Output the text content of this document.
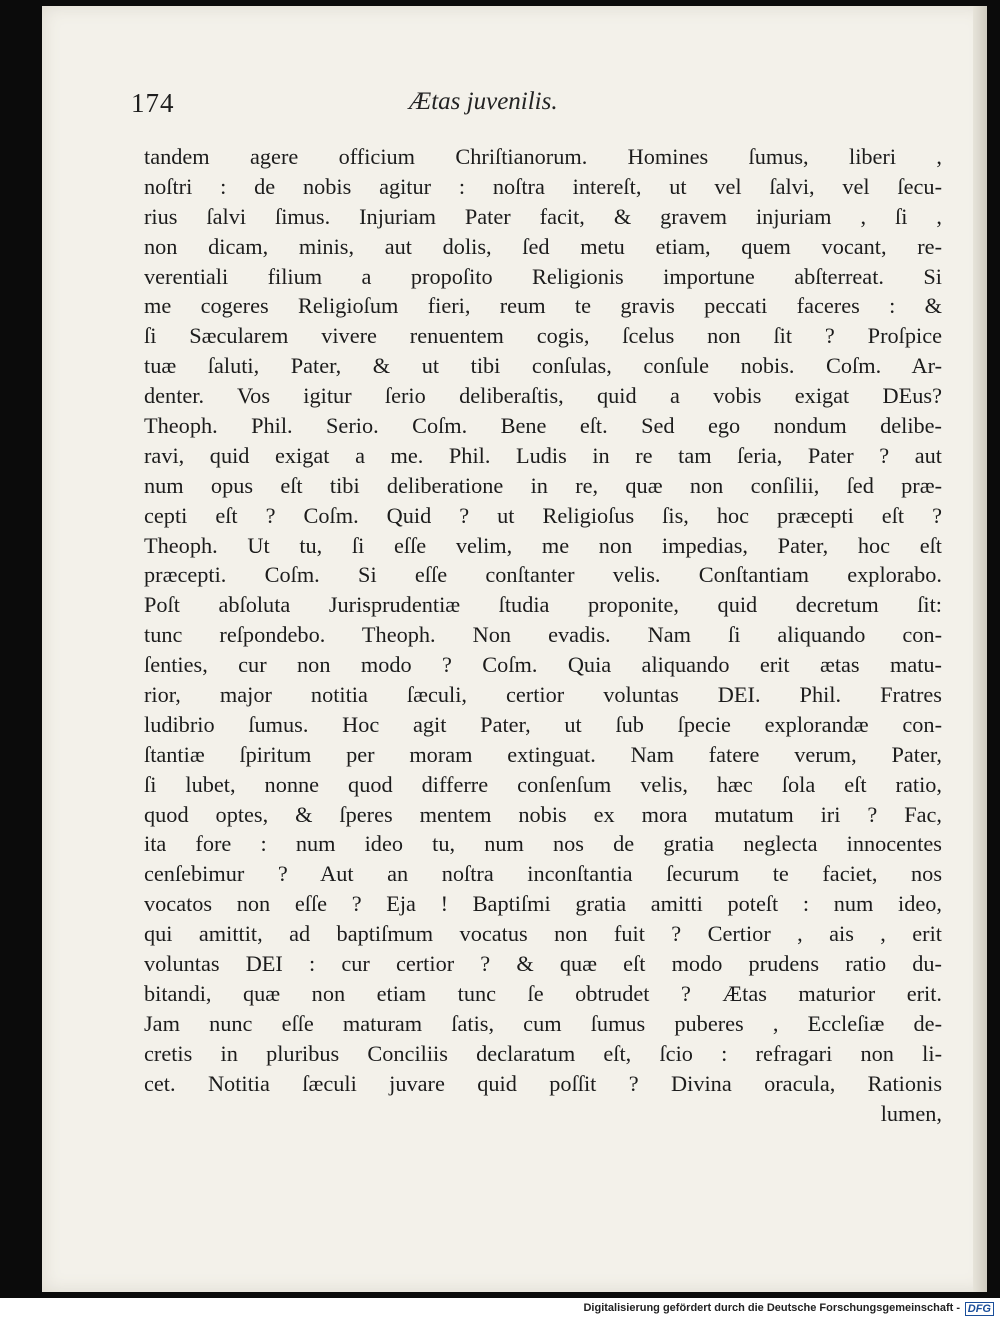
174	Ætas juvenilis.
tandem agere officium Chriſtianorum. Homines ſumus, liberi ,
noſtri : de nobis agitur : noſtra intereſt, ut vel ſalvi, vel ſecu-
rius ſalvi ſimus. Injuriam Pater facit, & gravem injuriam , ſi ,
non dicam, minis, aut dolis, ſed metu etiam, quem vocant, re-
verentiali filium a propoſito Religionis importune abſterreat. Si
me cogeres Religioſum fieri, reum te gravis peccati faceres : &
ſi Sæcularem vivere renuentem cogis, ſcelus non ſit ? Proſpice
tuæ ſaluti, Pater, & ut tibi conſulas, conſule nobis. Coſm. Ar-
denter. Vos igitur ſerio deliberaſtis, quid a vobis exigat DEus?
Theoph. Phil. Serio. Coſm. Bene eſt. Sed ego nondum delibe-
ravi, quid exigat a me. Phil. Ludis in re tam ſeria, Pater ? aut
num opus eſt tibi deliberatione in re, quæ non conſilii, ſed præ-
cepti eſt ? Coſm. Quid ? ut Religioſus ſis, hoc præcepti eſt ?
Theoph. Ut tu, ſi eſſe velim, me non impedias, Pater, hoc eſt
præcepti. Coſm. Si eſſe conſtanter velis. Conſtantiam explorabo.
Poſt abſoluta Jurisprudentiæ ſtudia proponite, quid decretum ſit:
tunc reſpondebo. Theoph. Non evadis. Nam ſi aliquando con-
ſenties, cur non modo ? Coſm. Quia aliquando erit ætas matu-
rior, major notitia ſæculi, certior voluntas DEI. Phil. Fratres
ludibrio ſumus. Hoc agit Pater, ut ſub ſpecie explorandæ con-
ſtantiæ ſpiritum per moram extinguat. Nam fatere verum, Pater,
ſi lubet, nonne quod differre conſenſum velis, hæc ſola eſt ratio,
quod optes, & ſperes mentem nobis ex mora mutatum iri ? Fac,
ita fore : num ideo tu, num nos de gratia neglecta innocentes
cenſebimur ? Aut an noſtra inconſtantia ſecurum te faciet, nos
vocatos non eſſe ? Eja ! Baptiſmi gratia amitti poteſt : num ideo,
qui amittit, ad baptiſmum vocatus non fuit ? Certior , ais , erit
voluntas DEI : cur certior ? & quæ eſt modo prudens ratio du-
bitandi, quæ non etiam tunc ſe obtrudet ? Ætas maturior erit.
Jam nunc eſſe maturam ſatis, cum ſumus puberes , Eccleſiæ de-
cretis in pluribus Conciliis declaratum eſt, ſcio : refragari non li-
cet. Notitia ſæculi juvare quid poſſit ? Divina oracula, Rationis
lumen,
Digitalisierung gefördert durch die Deutsche Forschungsgemeinschaft - DFG
